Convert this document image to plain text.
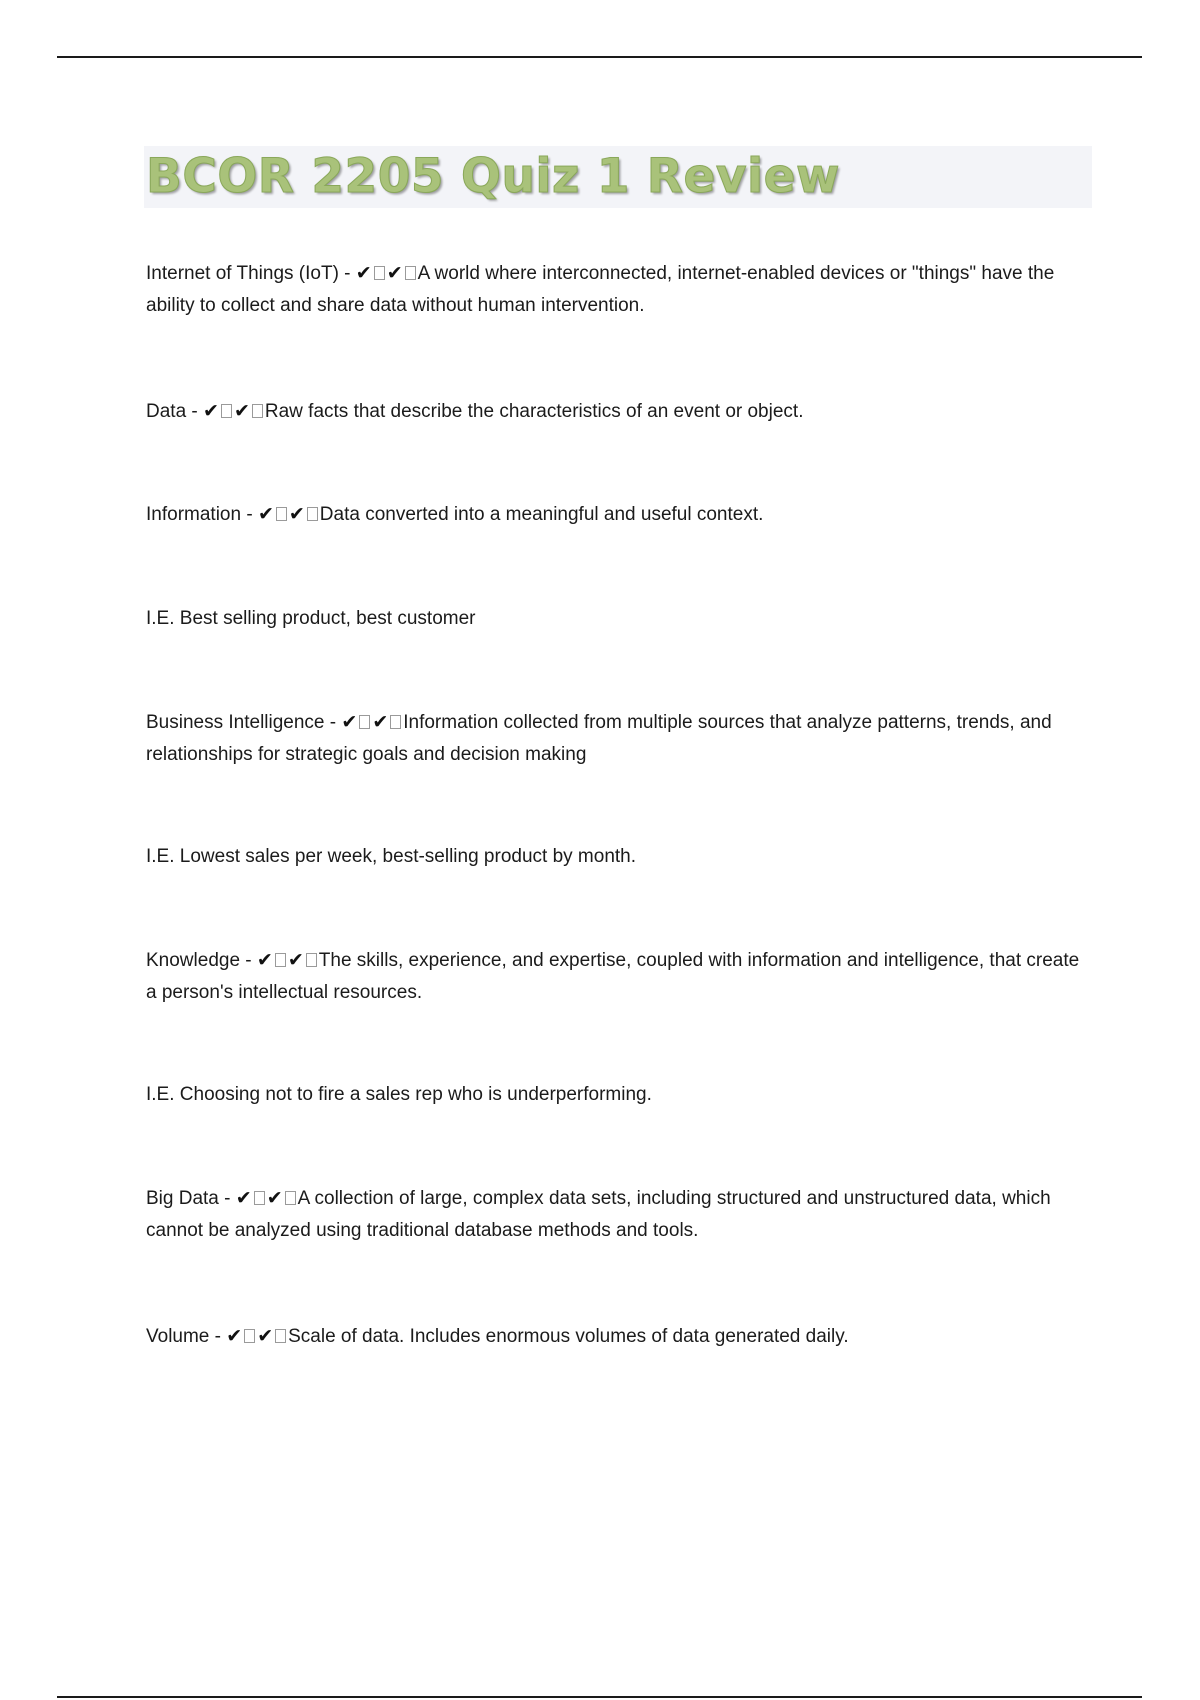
BCOR 2205 Quiz 1 Review

Internet of Things (IoT) - ✔ ✔ A world where interconnected, internet-enabled devices or "things" have the ability to collect and share data without human intervention.

Data - ✔ ✔ Raw facts that describe the characteristics of an event or object.

Information - ✔ ✔ Data converted into a meaningful and useful context.

I.E. Best selling product, best customer

Business Intelligence - ✔ ✔ Information collected from multiple sources that analyze patterns, trends, and relationships for strategic goals and decision making

I.E. Lowest sales per week, best-selling product by month.

Knowledge - ✔ ✔ The skills, experience, and expertise, coupled with information and intelligence, that create a person's intellectual resources.

I.E. Choosing not to fire a sales rep who is underperforming.

Big Data - ✔ ✔ A collection of large, complex data sets, including structured and unstructured data, which cannot be analyzed using traditional database methods and tools.

Volume - ✔ ✔ Scale of data. Includes enormous volumes of data generated daily.
